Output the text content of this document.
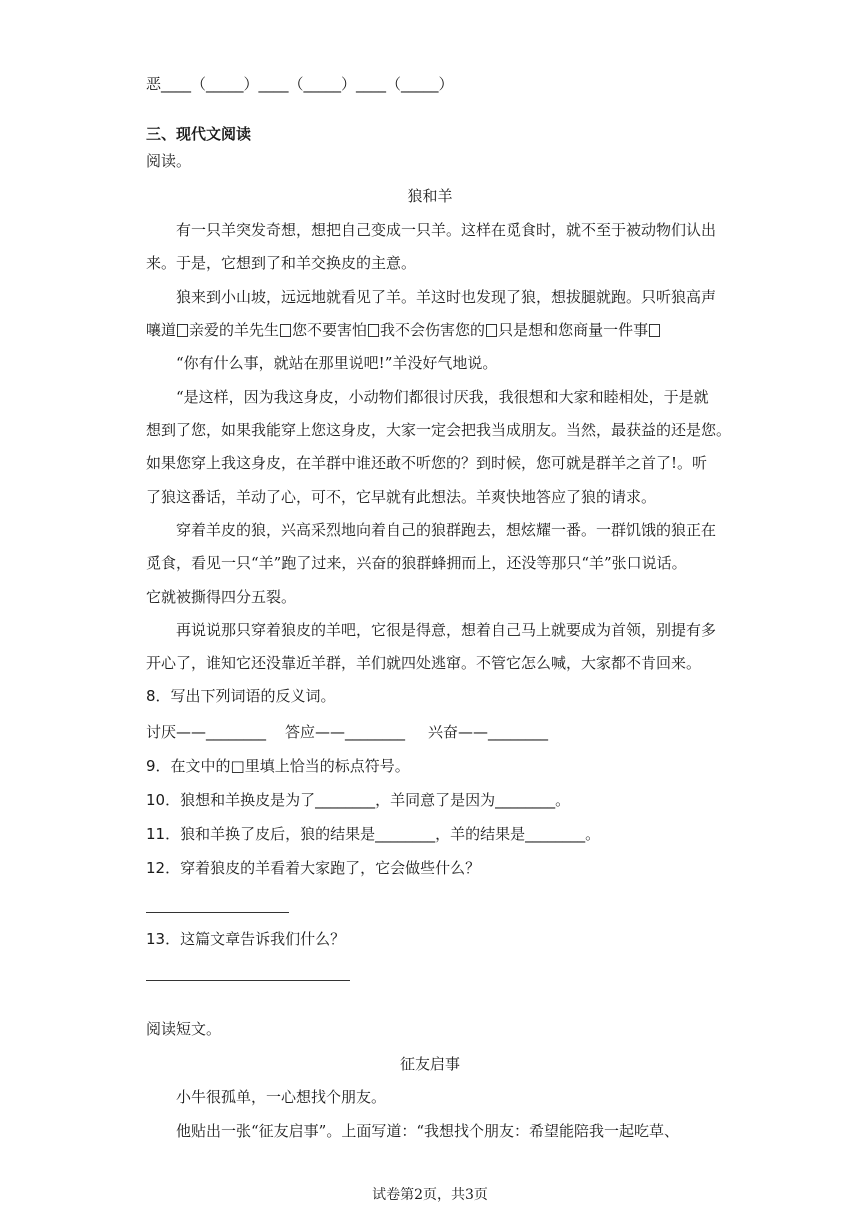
恶____（_____）____（_____）____（_____）
三、现代文阅读
阅读。
狼和羊
有一只羊突发奇想，想把自己变成一只羊。这样在觅食时，就不至于被动物们认出
来。于是，它想到了和羊交换皮的主意。
狼来到小山坡，远远地就看见了羊。羊这时也发现了狼，想拔腿就跑。只听狼高声
嚷道 亲爱的羊先生 您不要害怕 我不会伤害您的 只是想和您商量一件事
“你有什么事，就站在那里说吧!”羊没好气地说。
“是这样，因为我这身皮，小动物们都很讨厌我，我很想和大家和睦相处，于是就
想到了您，如果我能穿上您这身皮，大家一定会把我当成朋友。当然，最获益的还是您。
如果您穿上我这身皮，在羊群中谁还敢不听您的？到时候，您可就是群羊之首了!。听
了狼这番话，羊动了心，可不，它早就有此想法。羊爽快地答应了狼的请求。
穿着羊皮的狼，兴高采烈地向着自己的狼群跑去，想炫耀一番。一群饥饿的狼正在
觅食，看见一只“羊”跑了过来，兴奋的狼群蜂拥而上，还没等那只“羊”张口说话。
它就被撕得四分五裂。
再说说那只穿着狼皮的羊吧，它很是得意，想着自己马上就要成为首领，别提有多
开心了，谁知它还没靠近羊群，羊们就四处逃窜。不管它怎么喊，大家都不肯回来。
8．写出下列词语的反义词。
讨厌——________ 答应——________ 兴奋——________
9．在文中的□里填上恰当的标点符号。
10．狼想和羊换皮是为了________，羊同意了是因为________。
11．狼和羊换了皮后，狼的结果是________，羊的结果是________。
12．穿着狼皮的羊看着大家跑了，它会做些什么？
13．这篇文章告诉我们什么？
阅读短文。
征友启事
小牛很孤单，一心想找个朋友。
他贴出一张“征友启事”。上面写道：“我想找个朋友：希望能陪我一起吃草、
试卷第2页，共3页
